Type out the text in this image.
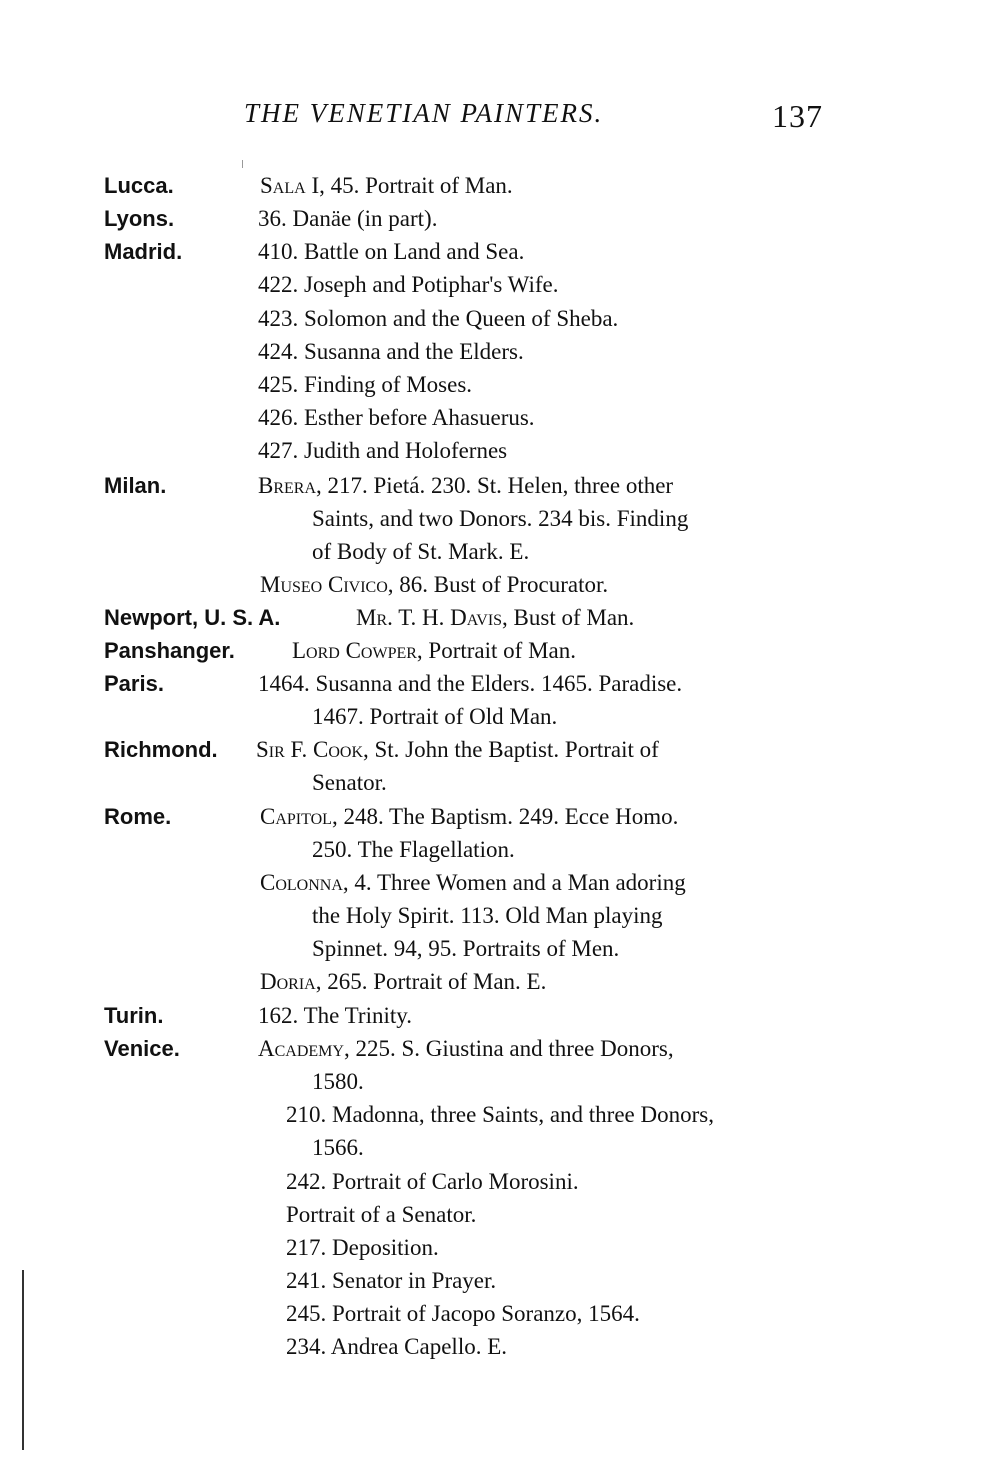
THE VENETIAN PAINTERS.	137
Lucca.	Sala I, 45. Portrait of Man.
Lyons.	36. Danäe (in part).
Madrid.	410. Battle on Land and Sea.
422. Joseph and Potiphar's Wife.
423. Solomon and the Queen of Sheba.
424. Susanna and the Elders.
425. Finding of Moses.
426. Esther before Ahasuerus.
427. Judith and Holofernes
Milan.	Brera, 217. Pietá. 230. St. Helen, three other
Saints, and two Donors. 234 bis. Finding
of Body of St. Mark. E.
Museo Civico, 86. Bust of Procurator.
Newport, U. S. A.	Mr. T. H. Davis, Bust of Man.
Panshanger. Lord Cowper, Portrait of Man.
Paris.	1464. Susanna and the Elders. 1465. Paradise.
1467. Portrait of Old Man.
Richmond. Sir F. Cook, St. John the Baptist. Portrait of
Senator.
Rome.	Capitol, 248. The Baptism. 249. Ecce Homo.
250. The Flagellation.
Colonna, 4. Three Women and a Man adoring
the Holy Spirit. 113. Old Man playing
Spinnet. 94, 95. Portraits of Men.
Doria, 265. Portrait of Man. E.
Turin.	162. The Trinity.
Venice.	Academy, 225. S. Giustina and three Donors,
1580.
210. Madonna, three Saints, and three Donors,
1566.
242. Portrait of Carlo Morosini.
Portrait of a Senator.
217. Deposition.
241. Senator in Prayer.
245. Portrait of Jacopo Soranzo, 1564.
234. Andrea Capello. E.
